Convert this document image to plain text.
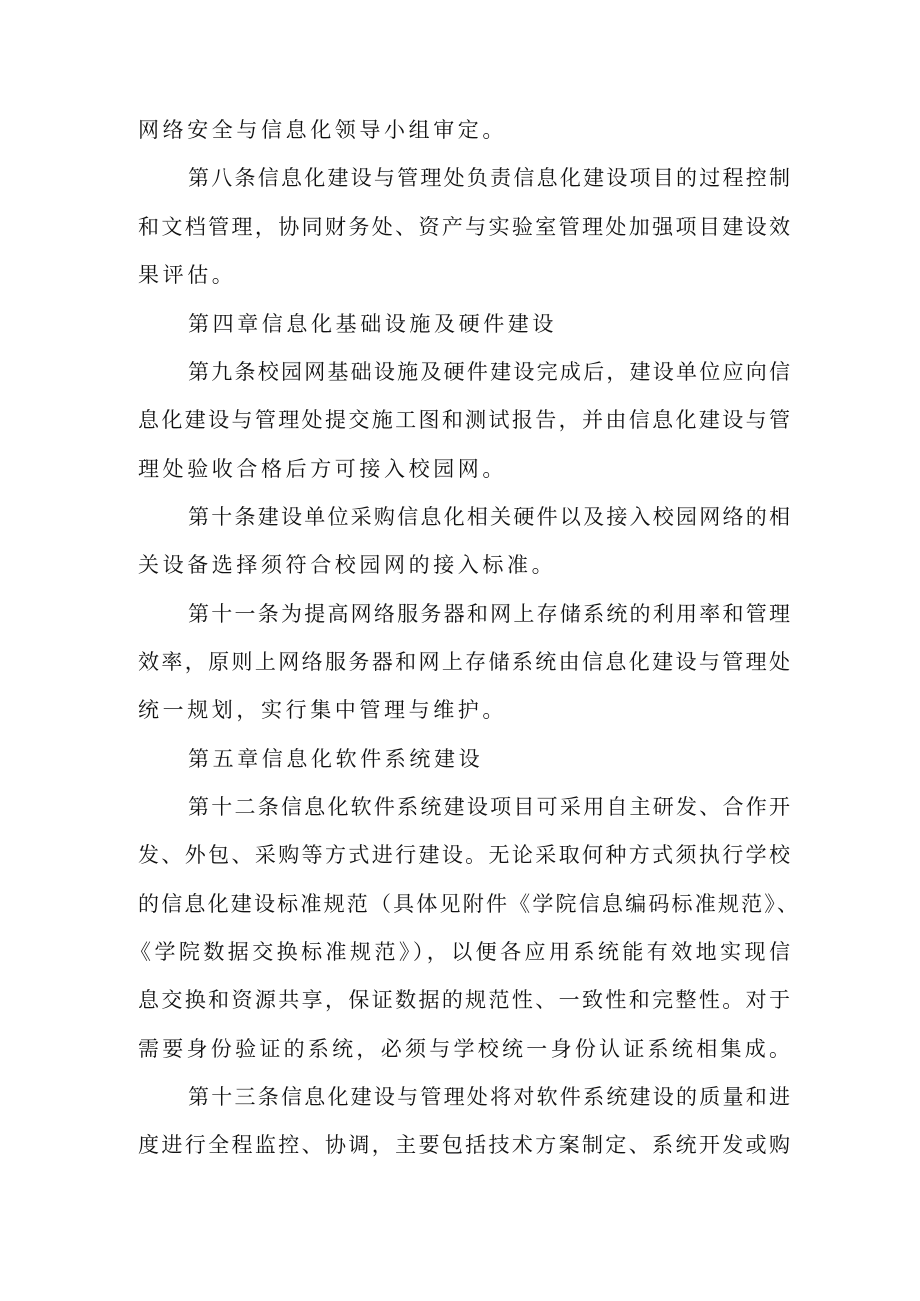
网络安全与信息化领导小组审定。
第八条信息化建设与管理处负责信息化建设项目的过程控制
和文档管理，协同财务处、资产与实验室管理处加强项目建设效
果评估。
第四章信息化基础设施及硬件建设
第九条校园网基础设施及硬件建设完成后，建设单位应向信
息化建设与管理处提交施工图和测试报告，并由信息化建设与管
理处验收合格后方可接入校园网。
第十条建设单位采购信息化相关硬件以及接入校园网络的相
关设备选择须符合校园网的接入标准。
第十一条为提高网络服务器和网上存储系统的利用率和管理
效率，原则上网络服务器和网上存储系统由信息化建设与管理处
统一规划，实行集中管理与维护。
第五章信息化软件系统建设
第十二条信息化软件系统建设项目可采用自主研发、合作开
发、外包、采购等方式进行建设。无论采取何种方式须执行学校
的信息化建设标准规范（具体见附件《学院信息编码标准规范》、
《学院数据交换标准规范》），以便各应用系统能有效地实现信
息交换和资源共享，保证数据的规范性、一致性和完整性。对于
需要身份验证的系统，必须与学校统一身份认证系统相集成。
第十三条信息化建设与管理处将对软件系统建设的质量和进
度进行全程监控、协调，主要包括技术方案制定、系统开发或购
